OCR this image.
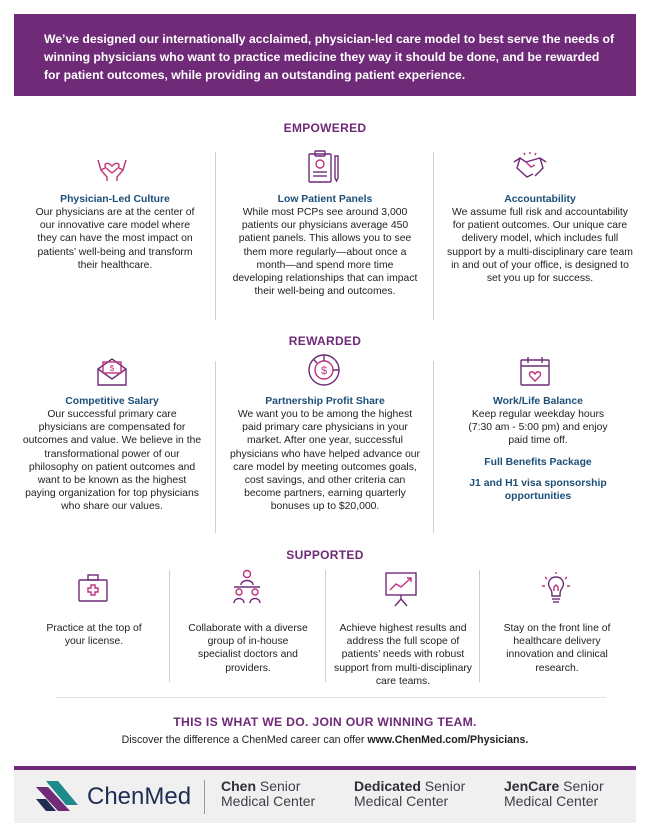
We’ve designed our internationally acclaimed, physician-led care model to best serve the needs of winning physicians who want to practice medicine they way it should be done, and be rewarded for patient outcomes, while providing an outstanding patient experience.

EMPOWERED
Physician-Led Culture

Our physicians are at the center of our innovative care model where they can have the most impact on patients’ well-being and transform their healthcare.

Low Patient Panels

While most PCPs see around 3,000 patients our physicians average 450 patient panels. This allows you to see them more regularly—about once a month—and spend more time developing relationships that can impact their well-being and outcomes.

Accountability

We assume full risk and accountability for patient outcomes. Our unique care delivery model, which includes full support by a multi-disciplinary care team in and out of your office, is designed to set you up for success.

REWARDED
$	$
Competitive Salary

Our successful primary care physicians are compensated for outcomes and value. We believe in the transformational power of our philosophy on patient outcomes and want to be known as the highest paying organization for top physicians who share our values.

Partnership Profit Share

We want you to be among the highest paid primary care physicians in your market. After one year, successful physicians who have helped advance our care model by meeting outcomes goals, cost savings, and other criteria can become partners, earning quarterly bonuses up to $20,000.

Work/Life Balance

Keep regular weekday hours (7:30 am - 5:00 pm) and enjoy paid time off.

Full Benefits Package
J1 and H1 visa sponsorship opportunities
SUPPORTED

Practice at the top of your license.

Collaborate with a diverse group of in-house specialist doctors and providers.

Achieve highest results and address the full scope of patients’ needs with robust support from multi-disciplinary care teams.

Stay on the front line of healthcare delivery innovation and clinical research.

THIS IS WHAT WE DO. JOIN OUR WINNING TEAM.
Discover the difference a ChenMed career can offer www.ChenMed.com/Physicians.
ChenMed Chen Senior
Medical Center
Dedicated Senior
Medical Center
JenCare Senior
Medical Center
